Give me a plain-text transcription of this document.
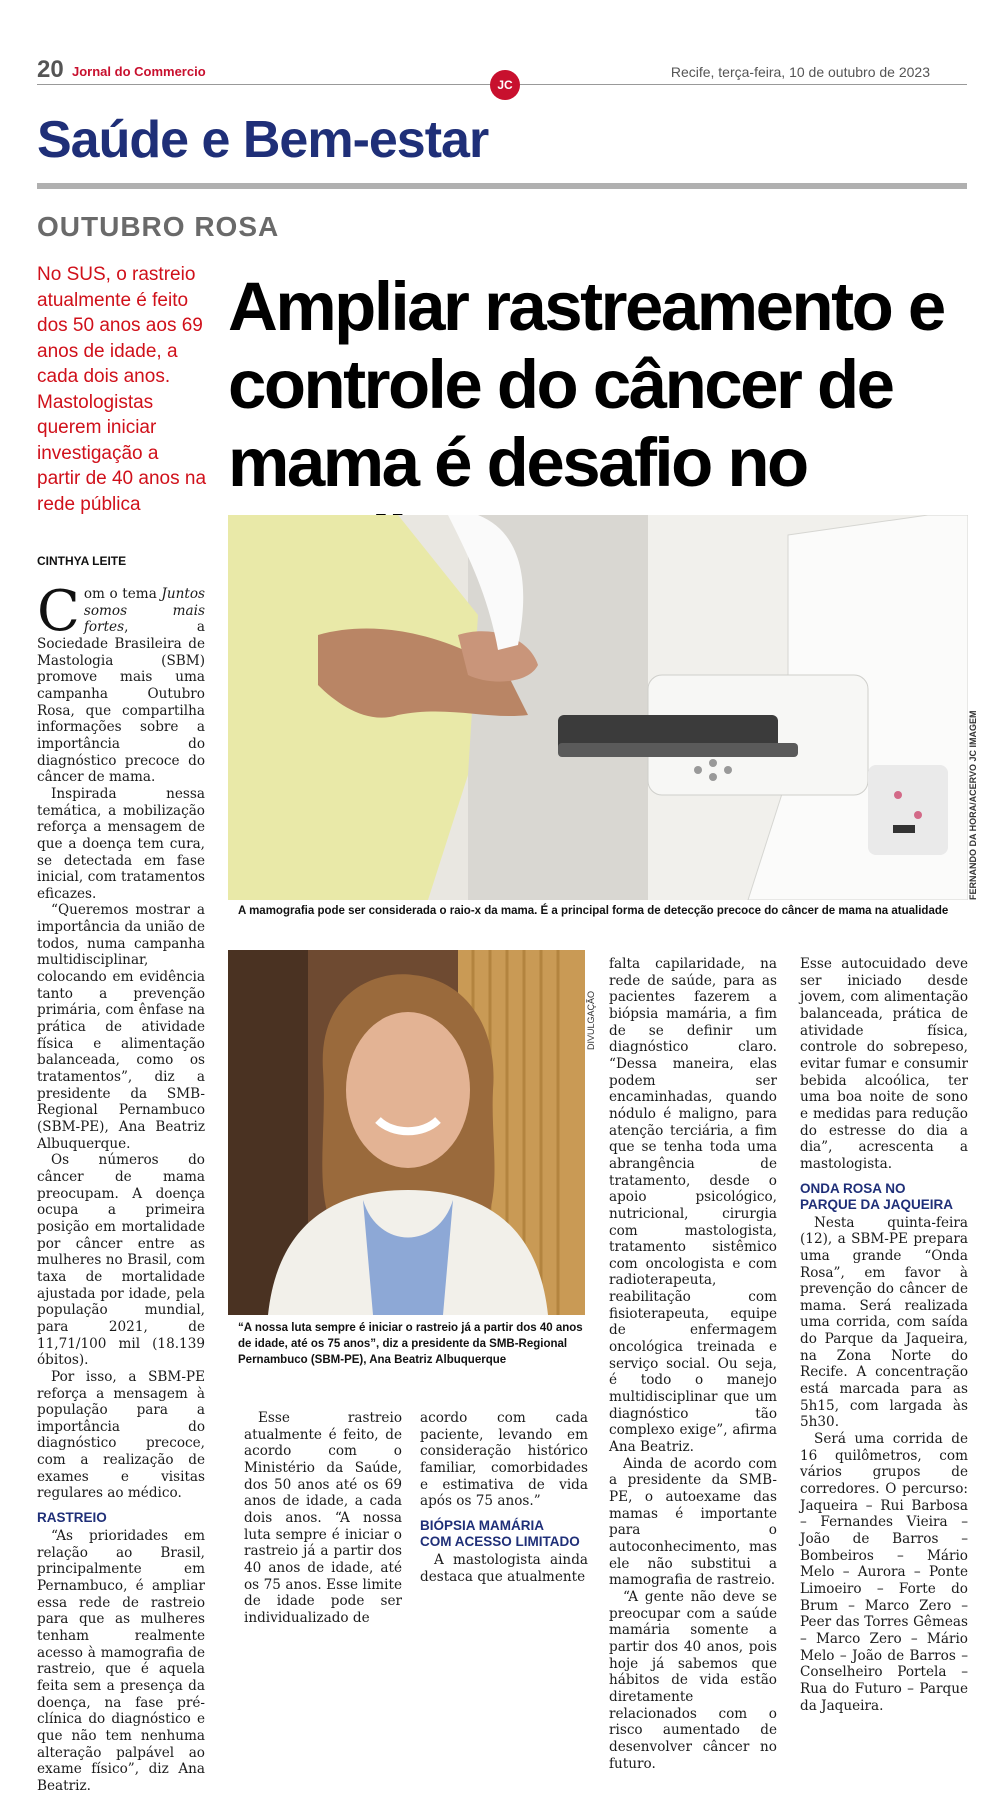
20 Jornal do Commercio	Recife, terça-feira, 10 de outubro de 2023
JC
Saúde e Bem-estar
OUTUBRO ROSA
No SUS, o rastreio atualmente é feito dos 50 anos aos 69 anos de idade, a cada dois anos. Mastologistas querem iniciar investigação a partir de 40 anos na rede pública
Ampliar rastreamento e controle do câncer de mama é desafio no
FERNANDO DA HORA/ACERVO JC IMAGEM
A mamografia pode ser considerada o raio-x da mama. É a principal forma de detecção precoce do câncer de mama na atualidade
DIVULGAÇÃO
“A nossa luta sempre é iniciar o rastreio já a partir dos 40 anos de idade, até os 75 anos”, diz a presidente da SMB-Regional Pernambuco (SBM-PE), Ana Beatriz Albuquerque
CINTHYA LEITE

Com o tema Juntos somos mais fortes, a Sociedade Brasileira de Mastologia (SBM) promove mais uma campanha Outubro Rosa, que compartilha informações sobre a importância do diagnóstico precoce do câncer de mama.

Inspirada nessa temática, a mobilização reforça a mensagem de que a doença tem cura, se detectada em fase inicial, com tratamentos eficazes.

“Queremos mostrar a importância da união de todos, numa campanha multidisciplinar, colocando em evidência tanto a prevenção primária, com ênfase na prática de atividade física e alimentação balanceada, como os tratamentos”, diz a presidente da SMB-Regional Pernambuco (SBM-PE), Ana Beatriz Albuquerque.

Os números do câncer de mama preocupam. A doença ocupa a primeira posição em mortalidade por câncer entre as mulheres no Brasil, com taxa de mortalidade ajustada por idade, pela população mundial, para 2021, de 11,71/100 mil (18.139 óbitos).

Por isso, a SBM-PE reforça a mensagem à população para a importância do diagnóstico precoce, com a realização de exames e visitas regulares ao médico.

RASTREIO

“As prioridades em relação ao Brasil, principalmente em Pernambuco, é ampliar essa rede de rastreio para que as mulheres tenham realmente acesso à mamografia de rastreio, que é aquela feita sem a presença da doença, na fase pré-clínica do diagnóstico e que não tem nenhuma alteração palpável ao exame físico”, diz Ana Beatriz.

Esse rastreio atualmente é feito, de acordo com o Ministério da Saúde, dos 50 anos até os 69 anos de idade, a cada dois anos. “A nossa luta sempre é iniciar o rastreio já a partir dos 40 anos de idade, até os 75 anos. Esse limite de idade pode ser individualizado de

acordo com cada paciente, levando em consideração histórico familiar, comorbidades e estimativa de vida após os 75 anos.”

BIÓPSIA MAMÁRIA
COM ACESSO LIMITADO

A mastologista ainda destaca que atualmente

falta capilaridade, na rede de saúde, para as pacientes fazerem a biópsia mamária, a fim de se definir um diagnóstico claro. “Dessa maneira, elas podem ser encaminhadas, quando nódulo é maligno, para atenção terciária, a fim que se tenha toda uma abrangência de tratamento, desde o apoio psicológico, nutricional, cirurgia com mastologista, tratamento sistêmico com oncologista e com radioterapeuta, reabilitação com fisioterapeuta, equipe de enfermagem oncológica treinada e serviço social. Ou seja, é todo o manejo multidisciplinar que um diagnóstico tão complexo exige”, afirma Ana Beatriz.

Ainda de acordo com a presidente da SMB-PE, o autoexame das mamas é importante para o autoconhecimento, mas ele não substitui a mamografia de rastreio.

“A gente não deve se preocupar com a saúde mamária somente a partir dos 40 anos, pois hoje já sabemos que hábitos de vida estão diretamente relacionados com o risco aumentado de desenvolver câncer no futuro.

Esse autocuidado deve ser iniciado desde jovem, com alimentação balanceada, prática de atividade física, controle do sobrepeso, evitar fumar e consumir bebida alcoólica, ter uma boa noite de sono e medidas para redução do estresse do dia a dia”, acrescenta a mastologista.

ONDA ROSA NO
PARQUE DA JAQUEIRA

Nesta quinta-feira (12), a SBM-PE prepara uma grande “Onda Rosa”, em favor à prevenção do câncer de mama. Será realizada uma corrida, com saída do Parque da Jaqueira, na Zona Norte do Recife. A concentração está marcada para as 5h15, com largada às 5h30.

Será uma corrida de 16 quilômetros, com vários grupos de corredores. O percurso: Jaqueira – Rui Barbosa – Fernandes Vieira – João de Barros – Bombeiros – Mário Melo – Aurora – Ponte Limoeiro – Forte do Brum – Marco Zero – Peer das Torres Gêmeas – Marco Zero – Mário Melo – João de Barros – Conselheiro Portela – Rua do Futuro – Parque da Jaqueira.
